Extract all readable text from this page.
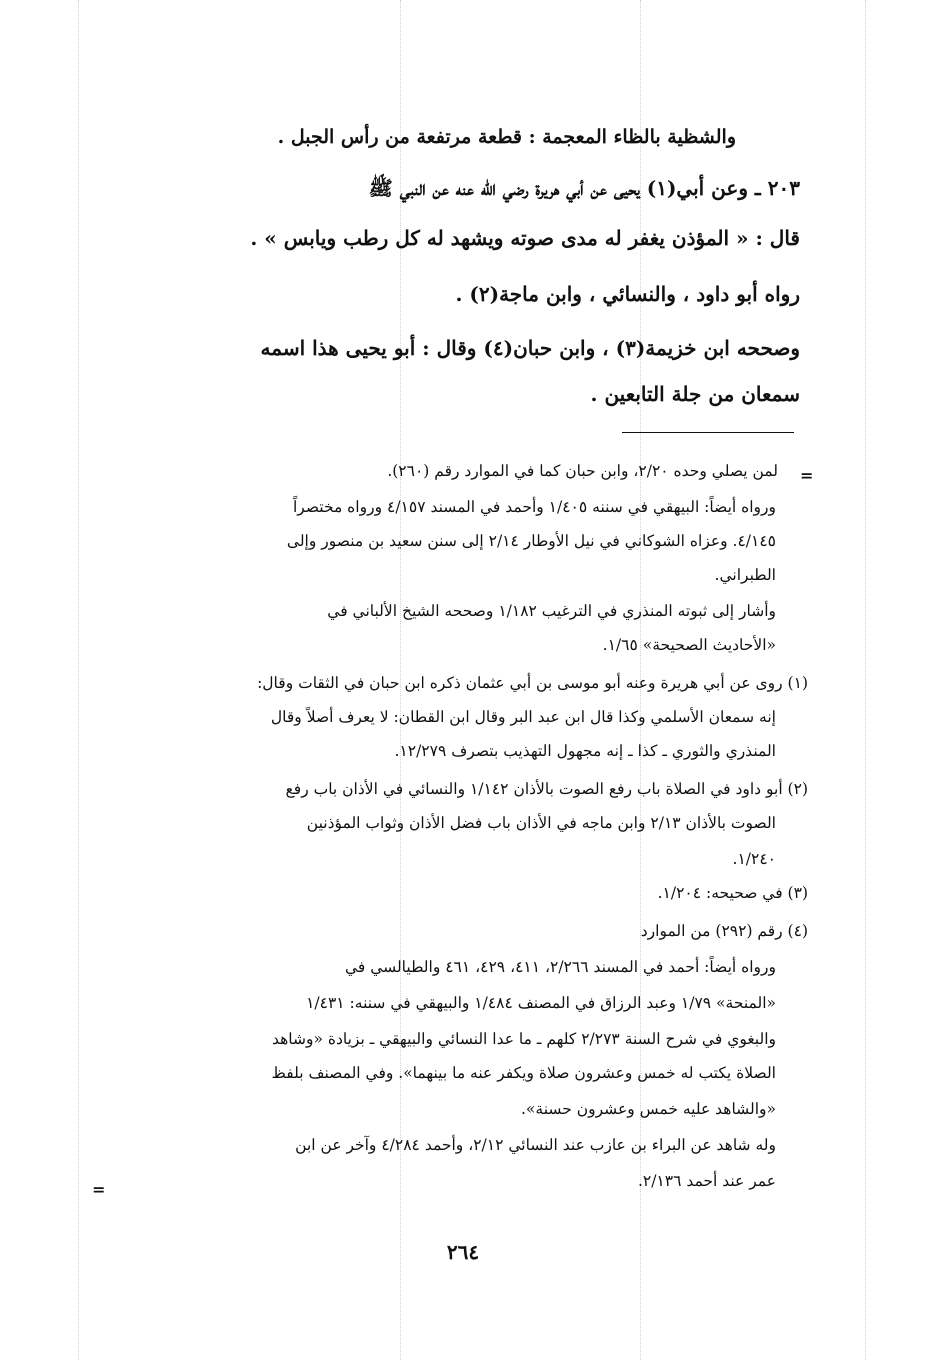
والشظية بالظاء المعجمة : قطعة مرتفعة من رأس الجبل .
٢٠٣ ـ وعن أبي(١) يحيى عن أبي هريرة رضي الله عنه عن النبي ﷺ
قال : « المؤذن يغفر له مدى صوته ويشهد له كل رطب ويابس » .
رواه أبو داود ، والنسائي ، وابن ماجة(٢) .
وصححه ابن خزيمة(٣) ، وابن حبان(٤) وقال : أبو يحيى هذا اسمه
سمعان من جلة التابعين .
=
لمن يصلي وحده ٢/٢٠، وابن حبان كما في الموارد رقم (٢٦٠).
ورواه أيضاً: البيهقي في سننه ١/٤٠٥ وأحمد في المسند ٤/١٥٧ ورواه مختصراً
٤/١٤٥. وعزاه الشوكاني في نيل الأوطار ٢/١٤ إلى سنن سعيد بن منصور وإلى
الطبراني.
وأشار إلى ثبوته المنذري في الترغيب ١/١٨٢ وصححه الشيخ الألباني في
«الأحاديث الصحيحة» ١/٦٥.
(١) روى عن أبي هريرة وعنه أبو موسى بن أبي عثمان ذكره ابن حبان في الثقات وقال:
إنه سمعان الأسلمي وكذا قال ابن عبد البر وقال ابن القطان: لا يعرف أصلاً وقال
المنذري والثوري ـ كذا ـ إنه مجهول التهذيب بتصرف ١٢/٢٧٩.
(٢) أبو داود في الصلاة باب رفع الصوت بالأذان ١/١٤٢ والنسائي في الأذان باب رفع
الصوت بالأذان ٢/١٣ وابن ماجه في الأذان باب فضل الأذان وثواب المؤذنين
١/٢٤٠.
(٣) في صحيحه: ١/٢٠٤.
(٤) رقم (٢٩٢) من الموارد
ورواه أيضاً: أحمد في المسند ٢/٢٦٦، ٤١١، ٤٢٩، ٤٦١ والطيالسي في
«المنحة» ١/٧٩ وعبد الرزاق في المصنف ١/٤٨٤ والبيهقي في سننه: ١/٤٣١
والبغوي في شرح السنة ٢/٢٧٣ كلهم ـ ما عدا النسائي والبيهقي ـ بزيادة «وشاهد
الصلاة يكتب له خمس وعشرون صلاة ويكفر عنه ما بينهما». وفي المصنف بلفظ
«والشاهد عليه خمس وعشرون حسنة».
وله شاهد عن البراء بن عازب عند النسائي ٢/١٢، وأحمد ٤/٢٨٤ وآخر عن ابن
عمر عند أحمد ٢/١٣٦.
=
٢٦٤
